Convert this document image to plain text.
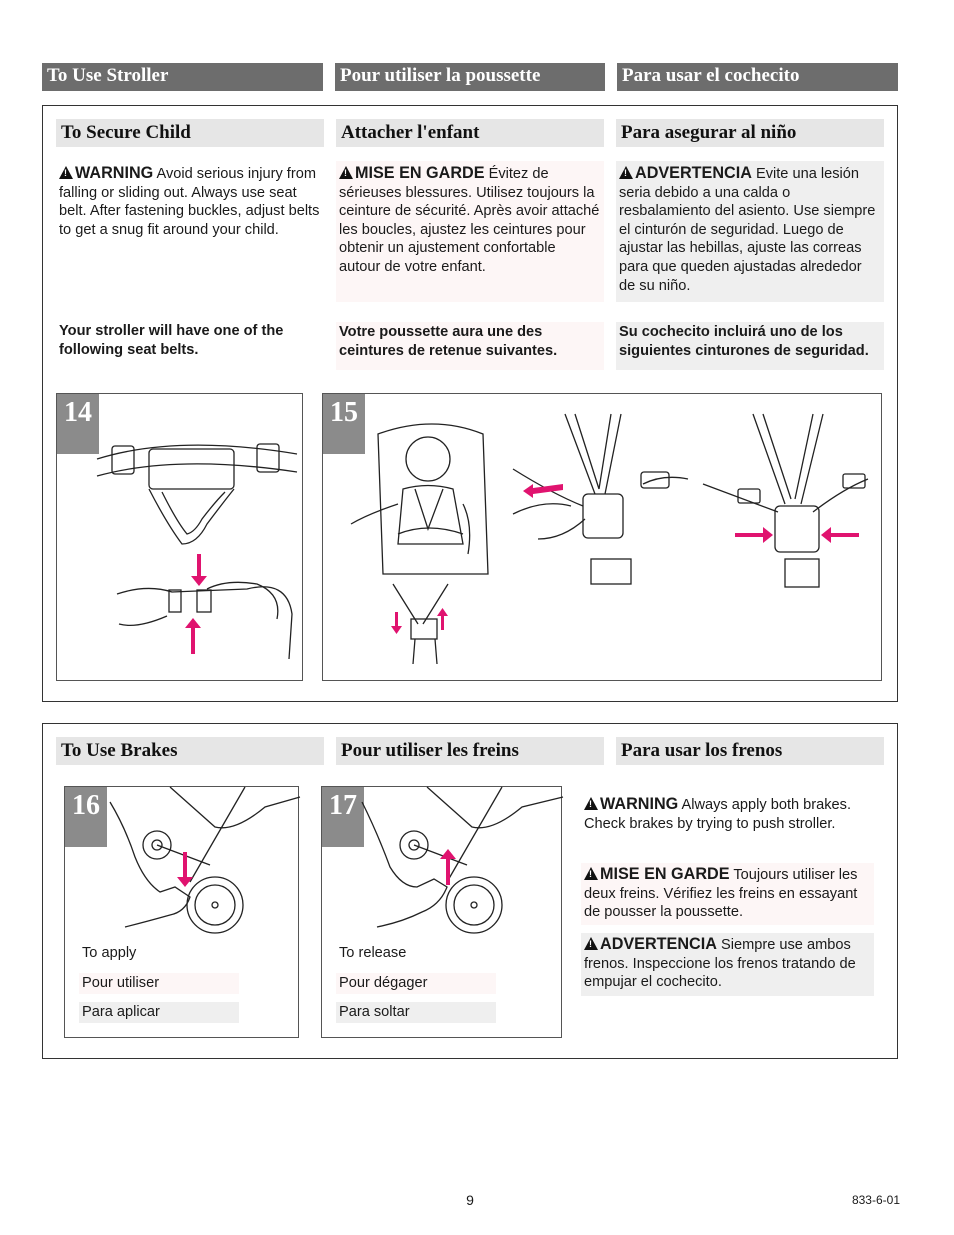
To Use Stroller	Pour utiliser la poussette	Para usar el cochecito
To Secure Child	Attacher l'enfant	Para asegurar al niño
!WARNING Avoid serious injury from falling or sliding out. Always use seat belt. After fastening buckles, adjust belts to get a snug fit around your child.
!MISE EN GARDE Évitez de sérieuses blessures. Utilisez toujours la ceinture de sécurité. Après avoir attaché les boucles, ajustez les ceintures pour obtenir un ajustement confortable autour de votre enfant.
!ADVERTENCIA Evite una lesión seria debido a una calda o resbalamiento del asiento. Use siempre el cinturón de seguridad. Luego de ajustar las hebillas, ajuste las correas para que queden ajustadas alrededor de su niño.
Your stroller will have one of the following seat belts.
Votre poussette aura une des ceintures de retenue suivantes.
Su cochecito incluirá uno de los siguientes cinturones de seguridad.
14	15
To Use Brakes	Pour utiliser les freins	Para usar los frenos
16
To apply
Pour utiliser
Para aplicar
17
To release
Pour dégager
Para soltar
!WARNING Always apply both brakes. Check brakes by trying to push stroller.
!MISE EN GARDE Toujours utiliser les deux freins. Vérifiez les freins en essayant de pousser la poussette.
!ADVERTENCIA Siempre use ambos frenos. Inspeccione los frenos tratando de empujar el cochecito.
9	833-6-01
